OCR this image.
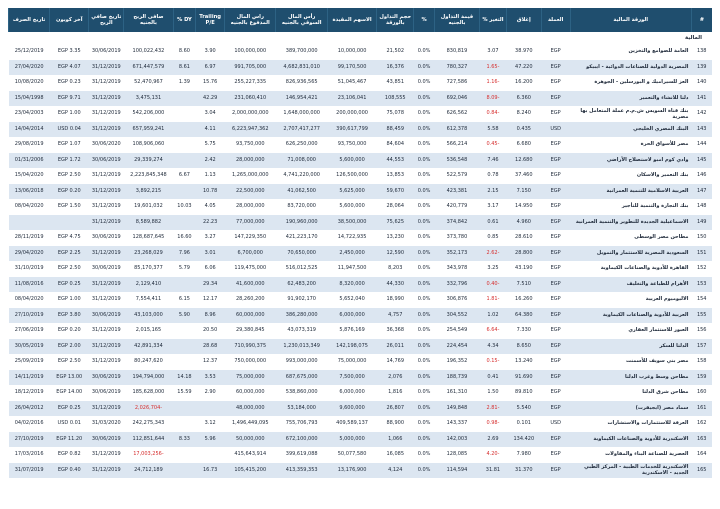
#	الورقة المالية	العملة	إغلاق	التغير %	قيمة التداول بالجنيه	%	حجم التداول بالورقة	الاسهم المقيدة	رأس المال السوقي بالجنيه	راس المال المدفوع بالجنيه	Trailing P/E	DY %	صافى الربح بالجنيه	تاريخ صافي الربح	آخر كوبون	تاريخ الصرف
المالية																
138	العامة للصوامع والتخزين	EGP	38.970	3.07	830,819	0.0%	21,502	10,000,000	389,700,000	100,000,000	3.90	8.60	100,022,432	30/06/2019	EGP 3.35	25/12/2019
139	المصرية الدولية للصناعات الدوائية - ايبيكو	EGP	47.220	-1.65	780,327	0.0%	16,376	99,170,500	4,682,831,010	991,705,000	6.97	8.61	671,447,579	31/12/2019	EGP 4.07	27/04/2020
140	العز للسيراميك و البورسلين - الجوهرة	EGP	16.200	-1.16	727,586	0.0%	43,851	51,045,467	826,936,565	255,227,335	15.76	1.39	52,470,967	31/12/2019	EGP 0.23	10/08/2020
141	دلتا للانشاء والتعمير	EGP	6.360	-8.09	692,046	0.0%	108,555	23,106,041	146,954,421	231,060,410	42.29		3,475,131	31/12/2019	EGP 9.71	15/04/1998
142	بنك قناة السويس ش.م.م عملة المتعامل بها مصرية	EGP	8.240	-0.84	626,562	0.0%	75,078	200,000,000	1,648,000,000	2,000,000,000	3.04		542,206,000	31/12/2019	EGP 1.00	23/04/2003
143	البنك المصري الخليجي	USD	0.435	5.58	612,378	0.0%	88,459	390,617,799	2,707,417,277	6,223,947,362	4.11		657,959,241	31/12/2019	USD 0.04	14/04/2014
144	مصر للأسواق الحرة	EGP	6.680	-0.45	566,214	0.0%	84,604	93,750,000	626,250,000	93,750,000	5.75		108,906,060	30/06/2020	EGP 1.07	29/08/2019
145	وادي كوم امبو لاستصلاح الأراضي	EGP	12.680	7.46	536,548	0.0%	44,553	5,600,000	71,008,000	28,000,000	2.42		29,339,274	30/06/2019	EGP 1.72	01/31/2006
146	بنك التعمير والاسكان	EGP	37.460	0.78	522,579	0.0%	13,853	126,500,000	4,741,220,000	1,265,000,000	1.13	6.67	2,223,845,348	31/12/2019	EGP 2.50	15/04/2020
147	العربية الاسلامية للتنمية العمرانية	EGP	7.150	2.15	423,381	0.0%	59,670	5,625,000	41,062,500	22,500,000	10.78		3,892,215	31/12/2019	EGP 0.20	13/06/2018
148	بنك التجارة والتنمية للتأجير	EGP	14.950	3.17	420,779	0.0%	28,064	5,600,000	83,720,000	28,000,000	4.05	10.03	19,601,032	31/12/2019	EGP 1.50	08/04/2020
149	الاسماعيلية الجديدة للتطوير والتنمية العمرانية	EGP	4.960	0.61	374,842	0.0%	75,625	38,500,000	190,960,000	77,000,000	22.23		8,589,882	31/12/2019		
150	مطاحن مصر الوسطى	EGP	28.610	0.85	373,780	0.0%	13,230	14,722,935	421,223,170	147,229,350	3.27	16.60	128,687,645	30/06/2019	EGP 4.75	28/11/2019
151	السعودية المصرية للاستثمار والتمويل	EGP	28.800	-2.62	352,173	0.0%	12,590	2,450,000	70,650,000	6,700,000	3.01	7.96	23,268,029	31/12/2019	EGP 2.25	29/04/2020
152	القاهرة للأدوية والصناعات الكيماوية	EGP	43.190	3.25	343,978	0.0%	8,203	11,947,500	516,012,525	119,475,000	6.06	5.79	85,170,377	30/06/2019	EGP 2.50	31/10/2019
153	الأهرام للطباعة والتغليف	EGP	7.510	-0.40	332,796	0.0%	44,330	8,320,000	62,483,200	41,600,000	29.34		2,129,410	31/12/2019	EGP 0.25	11/08/2016
154	الاليوميوم العربية	EGP	16.260	-1.81	306,876	0.0%	18,990	5,652,040	91,902,170	28,260,200	12.17	6.15	7,554,411	31/12/2019	EGP 1.00	08/04/2020
155	العربية للأدوية والصناعات الكيماوية	EGP	64.380	1.02	304,552	0.0%	4,757	6,000,000	386,280,000	60,000,000	8.96	5.90	43,103,000	30/06/2019	EGP 3.80	27/10/2019
156	العبور للاستثمار العقاري	EGP	7.330	-6.64	254,549	0.0%	36,368	5,876,169	43,073,319	29,380,845	20.50		2,015,165	31/12/2019	EGP 0.20	27/06/2019
157	الدلتا للسكر	EGP	8.650	4.34	224,454	0.0%	26,011	142,198,075	1,230,013,349	710,990,375	28.68		42,891,334	31/12/2019	EGP 2.00	30/05/2019
158	مصر بني سويف للأسمنت	EGP	13.240	-0.15	196,352	0.0%	14,769	75,000,000	993,000,000	750,000,000	12.37		80,247,620	31/12/2019	EGP 2.50	25/09/2019
159	مطاحن وسط وغرب الدلتا	EGP	91.690	0.41	188,739	0.0%	2,076	7,500,000	687,675,000	75,000,000	3.53	14.18	194,794,000	30/06/2019	EGP 13.00	14/11/2019
160	مطاحن شرق الدلتا	EGP	89.810	1.50	161,310	0.0%	1,816	6,000,000	538,860,000	60,000,000	2.90	15.59	185,628,000	30/06/2019	EGP 14.00	18/12/2019
161	سماد مصر (ايجيفرت)	EGP	5.540	-2.81	149,848	0.0%	26,807	9,600,000	53,184,000	48,000,000			-2,026,704	31/12/2019	EGP 0.25	26/04/2012
162	العرفة للاستثمارات والاستشارات	USD	0.101	-0.98	143,337	0.0%	88,900	409,589,137	755,706,793	1,496,449,095	3.12		242,275,343	31/03/2020	USD 0.01	04/02/2016
163	الاسكندرية للأدوية والصناعات الكيماوية	EGP	134.420	2.69	142,003	0.0%	1,066	5,000,000	672,100,000	50,000,000	5.96	8.33	112,851,644	30/06/2019	EGP 11.20	27/10/2019
164	العصرية للصناعة البناء والمقاولات	EGP	7.980	-4.20	128,085	0.0%	16,085	50,077,580	399,619,088	415,643,914			-17,003,256	31/12/2019	EGP 0.82	17/03/2016
165	الاسكندرية للخدمات الطبية - المركز الطبي الجديد - الاسكندرية	EGP	31.370	31.81	114,594	0.0%	4,124	13,176,900	413,359,353	105,415,200	16.73		24,712,189	31/12/2019	EGP 0.40	31/07/2019
